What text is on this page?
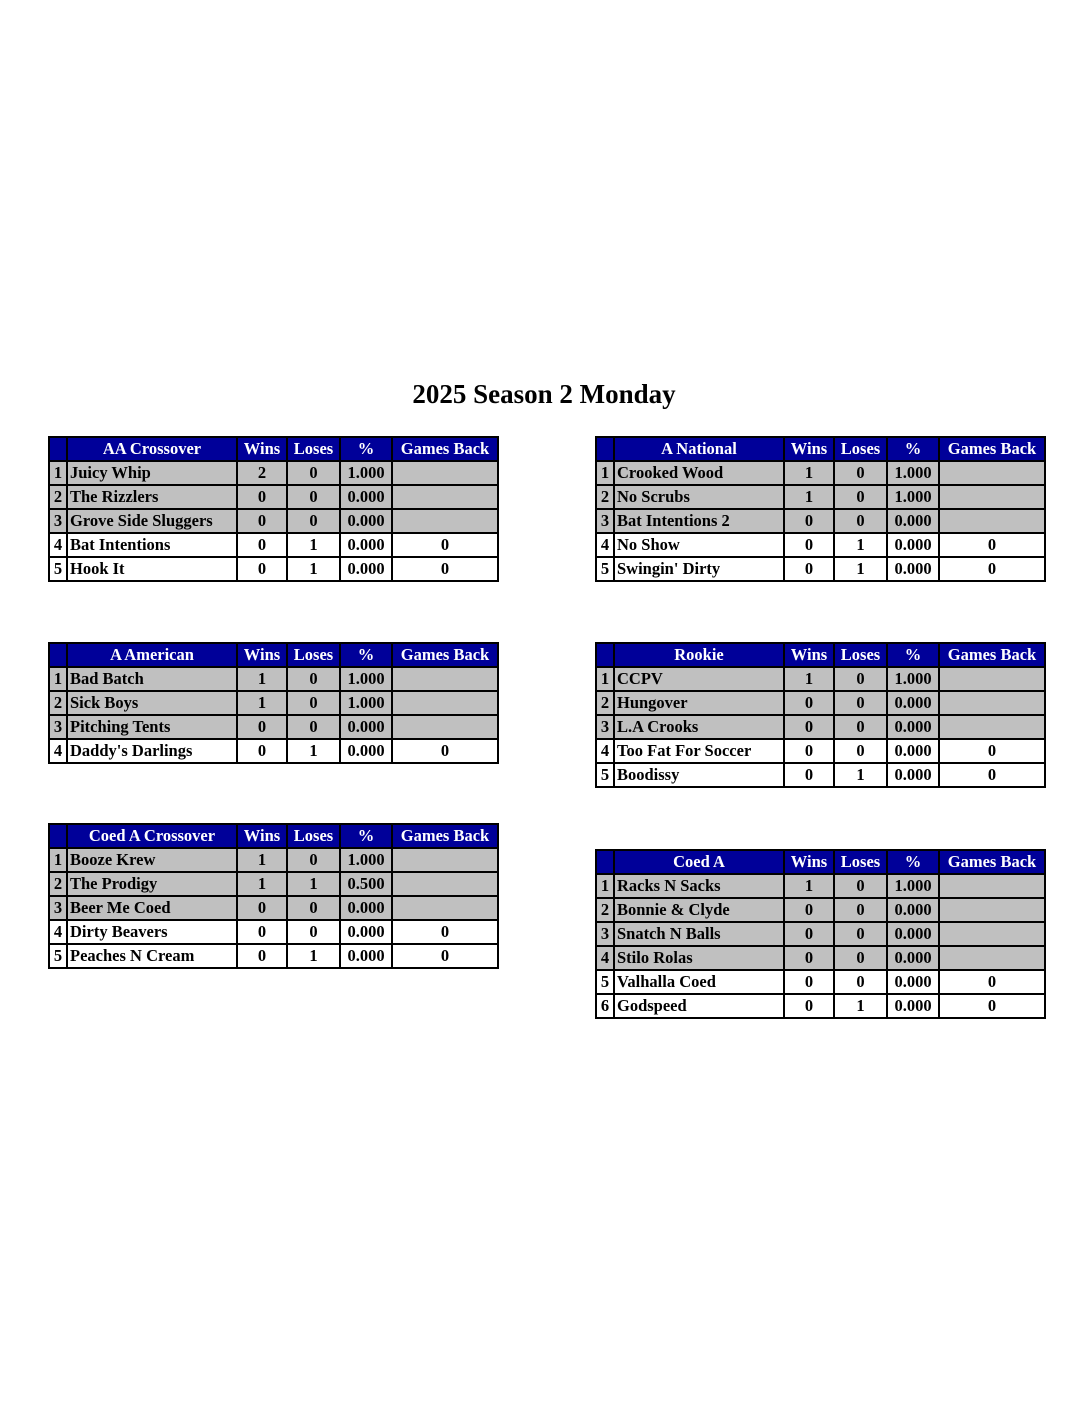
2025 Season 2 Monday
	AA Crossover	Wins	Loses	%	Games Back
1	Juicy Whip	2	0	1.000	
2	The Rizzlers	0	0	0.000	
3	Grove Side Sluggers	0	0	0.000	
4	Bat Intentions	0	1	0.000	0
5	Hook It	0	1	0.000	0
	A National	Wins	Loses	%	Games Back
1	Crooked Wood	1	0	1.000	
2	No Scrubs	1	0	1.000	
3	Bat Intentions 2	0	0	0.000	
4	No Show	0	1	0.000	0
5	Swingin' Dirty	0	1	0.000	0
	A American	Wins	Loses	%	Games Back
1	Bad Batch	1	0	1.000	
2	Sick Boys	1	0	1.000	
3	Pitching Tents	0	0	0.000	
4	Daddy's Darlings	0	1	0.000	0
	Rookie	Wins	Loses	%	Games Back
1	CCPV	1	0	1.000	
2	Hungover	0	0	0.000	
3	L.A Crooks	0	0	0.000	
4	Too Fat For Soccer	0	0	0.000	0
5	Boodissy	0	1	0.000	0
	Coed A Crossover	Wins	Loses	%	Games Back
1	Booze Krew	1	0	1.000	
2	The Prodigy	1	1	0.500	
3	Beer Me Coed	0	0	0.000	
4	Dirty Beavers	0	0	0.000	0
5	Peaches N Cream	0	1	0.000	0
	Coed A	Wins	Loses	%	Games Back
1	Racks N Sacks	1	0	1.000	
2	Bonnie & Clyde	0	0	0.000	
3	Snatch N Balls	0	0	0.000	
4	Stilo Rolas	0	0	0.000	
5	Valhalla Coed	0	0	0.000	0
6	Godspeed	0	1	0.000	0
